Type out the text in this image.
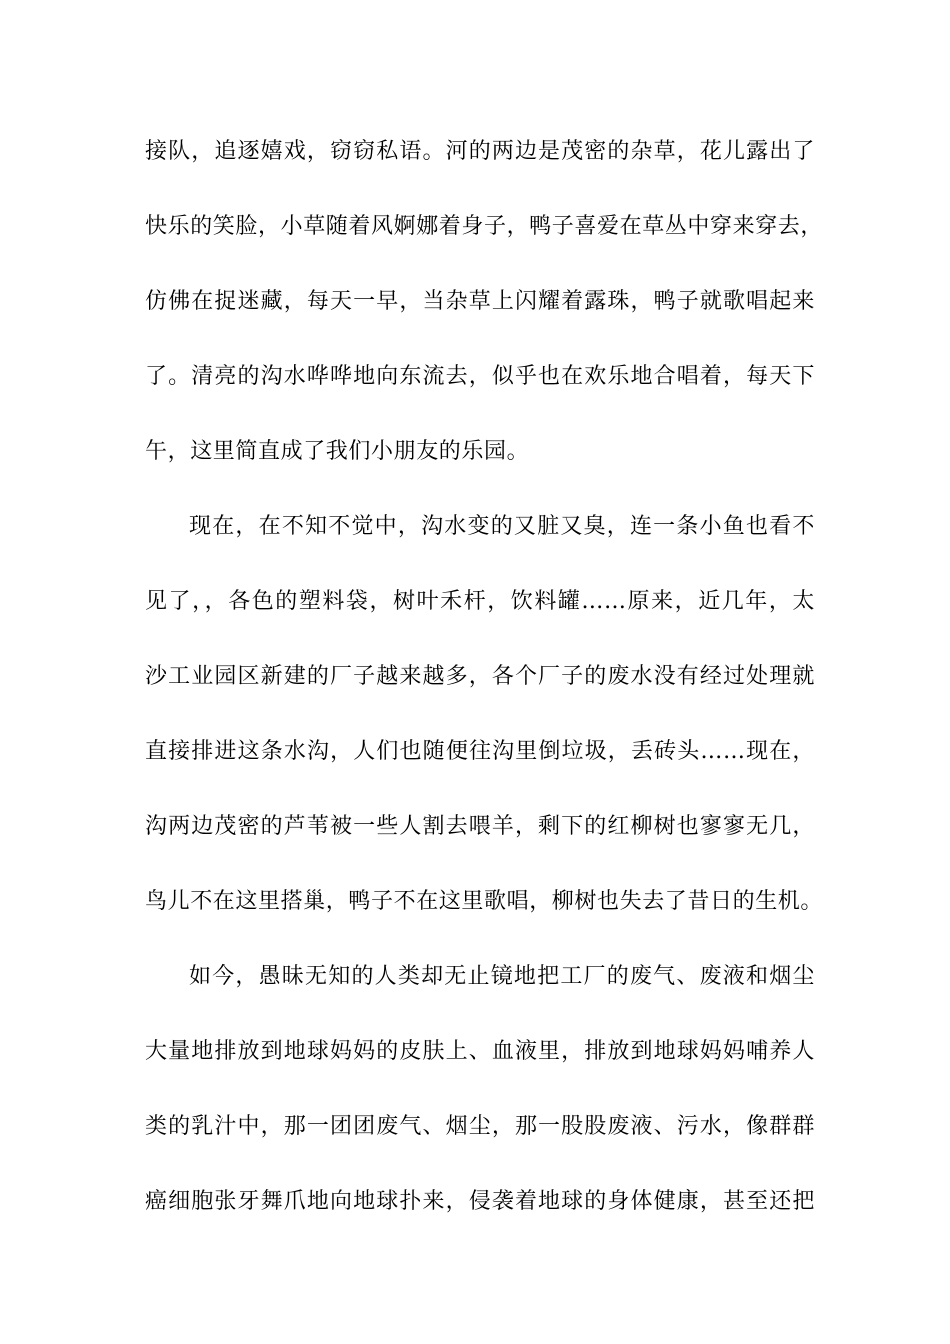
接队，追逐嬉戏，窃窃私语。河的两边是茂密的杂草，花儿露出了
快乐的笑脸，小草随着风婀娜着身子，鸭子喜爱在草丛中穿来穿去，
仿佛在捉迷藏，每天一早，当杂草上闪耀着露珠，鸭子就歌唱起来
了。清亮的沟水哗哗地向东流去，似乎也在欢乐地合唱着，每天下
午，这里简直成了我们小朋友的乐园。
现在，在不知不觉中，沟水变的又脏又臭，连一条小鱼也看不
见了，，各色的塑料袋，树叶禾杆，饮料罐……原来，近几年，太
沙工业园区新建的厂子越来越多，各个厂子的废水没有经过处理就
直接排进这条水沟，人们也随便往沟里倒垃圾，丢砖头……现在，
沟两边茂密的芦苇被一些人割去喂羊，剩下的红柳树也寥寥无几，
鸟儿不在这里搭巢，鸭子不在这里歌唱，柳树也失去了昔日的生机。
如今，愚昧无知的人类却无止镜地把工厂的废气、废液和烟尘
大量地排放到地球妈妈的皮肤上、血液里，排放到地球妈妈哺养人
类的乳汁中，那一团团废气、烟尘，那一股股废液、污水，像群群
癌细胞张牙舞爪地向地球扑来，侵袭着地球的身体健康，甚至还把
